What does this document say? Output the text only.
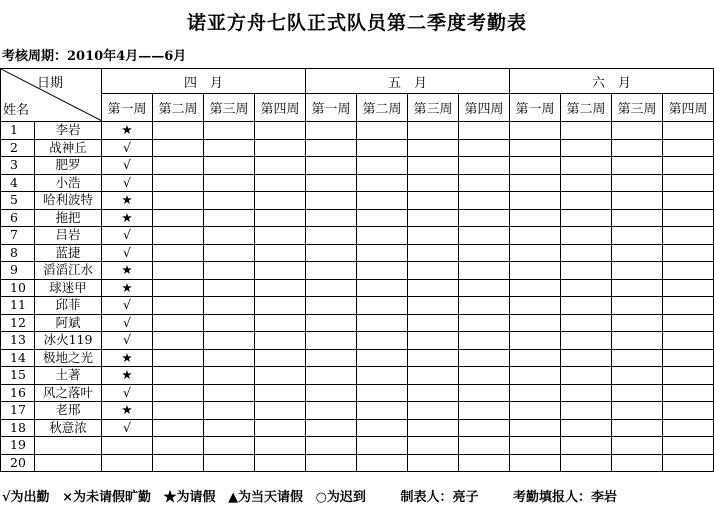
诺亚方舟七队正式队员第二季度考勤表
考核周期：2010年4月——6月
日期
姓名		四　月				五　月				六　月			
		第一周	第二周	第三周	第四周	第一周	第二周	第三周	第四周	第一周	第二周	第三周	第四周
1	李岩	★											
2	战神丘	√											
3	肥罗	√											
4	小浩	√											
5	哈利波特	★											
6	拖把	★											
7	吕岩	√											
8	蓝捷	√											
9	滔滔江水	★											
10	球迷甲	★											
11	邱菲	√											
12	阿斌	√											
13	冰火119	√											
14	极地之光	★											
15	土著	★											
16	风之落叶	√											
17	老邢	★											
18	秋意浓	√											
19													
20													
√为出勤 ×为未请假旷勤 ★为请假 ▲为当天请假 ○为迟到	制表人：亮子	考勤填报人：李岩
